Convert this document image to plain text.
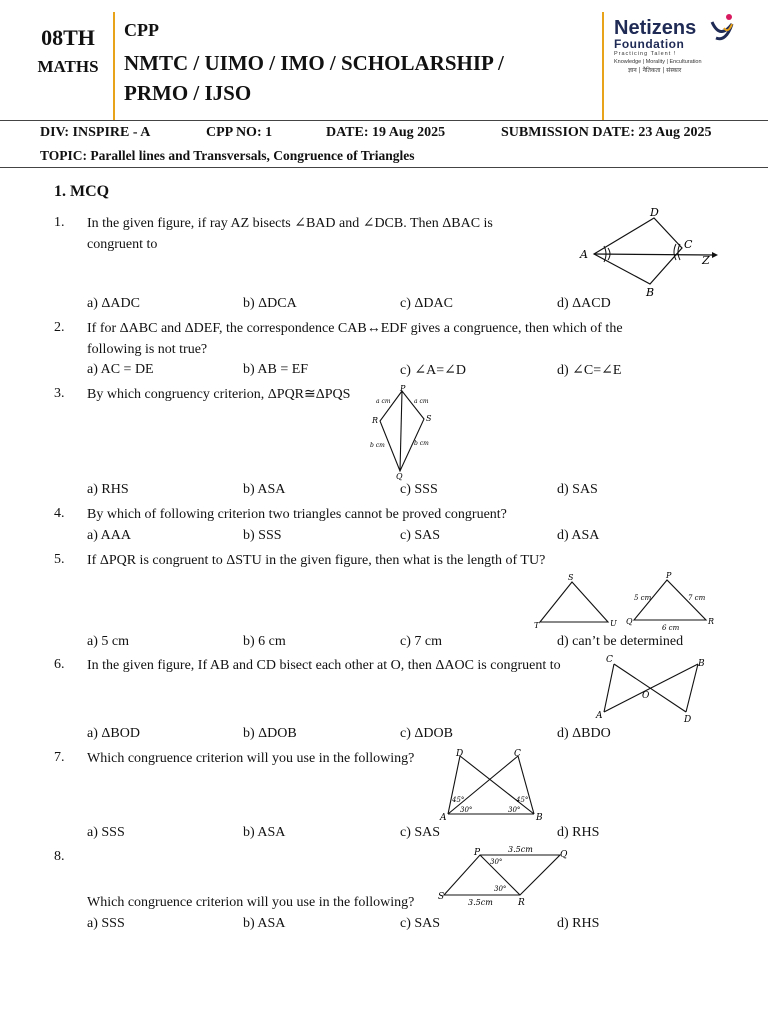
08TH
MATHS
CPP
NMTC / UIMO / IMO / SCHOLARSHIP /
PRMO / IJSO
Netizens
Foundation
Practicing Talent !
Knowledge | Morality | Enculturation
ज्ञान | नैतिकता | संस्कार
DIV: INSPIRE - A	CPP NO: 1	DATE: 19 Aug 2025	SUBMISSION DATE: 23 Aug 2025
TOPIC: Parallel lines and Transversals, Congruence of Triangles
1. MCQ
1. In the given figure, if ray AZ bisects ∠BAD and ∠DCB. Then ΔBAC is
congruent to
A
D
C
B
Z
a) ΔADC	b) ΔDCA	c) ΔDAC	d) ΔACD
2. If for ΔABC and ΔDEF, the correspondence CAB↔EDF gives a congruence, then which of the
following is not true?
a) AC = DE	b) AB = EF	c) ∠A=∠D	d) ∠C=∠E
3. By which congruency criterion, ΔPQR≅ΔPQS	P
R	S
Q
a cm	a cm
b cm	b cm
a) RHS	b) ASA	c) SSS	d) SAS
4. By which of following criterion two triangles cannot be proved congruent?
a) AAA	b) SSS	c) SAS	d) ASA
5. If ΔPQR is congruent to ΔSTU in the given figure, then what is the length of TU?
S
T	U
P
Q	R
5 cm	7 cm
6 cm
a) 5 cm	b) 6 cm	c) 7 cm	d) can’t be determined
6. In the given figure, If AB and CD bisect each other at O, then ΔAOC is congruent to	C	B
A	D
O
a) ΔBOD	b) ΔDOB	c) ΔDOB	d) ΔBDO
7. Which congruence criterion will you use in the following?	D	C
A	B
45°	45°
30°	30°
a) SSS	b) ASA	c) SAS	d) RHS
8.	P	Q
R
S
3.5cm
3.5cm
30°
30°
Which congruence criterion will you use in the following?
a) SSS	b) ASA	c) SAS	d) RHS
